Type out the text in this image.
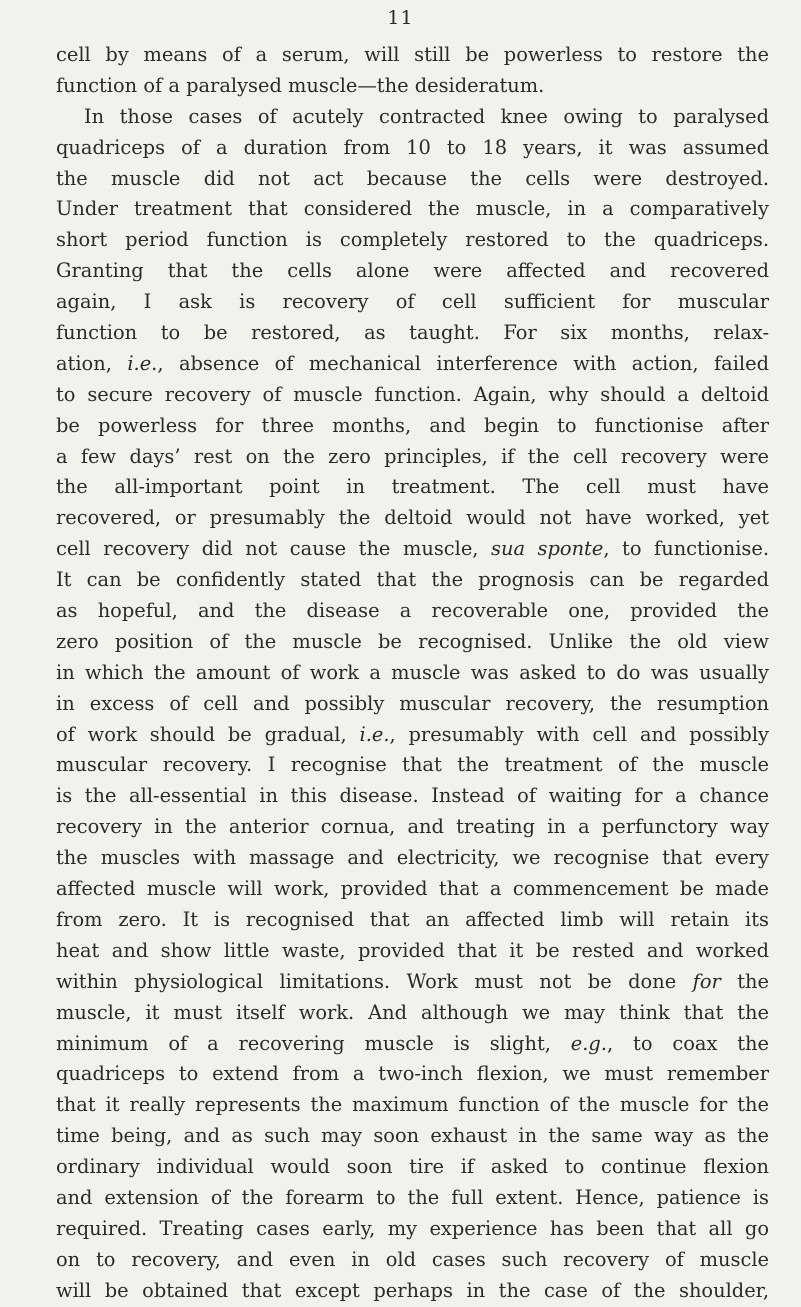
11
cell by means of a serum, will still be powerless to restore the
function of a paralysed muscle—the desideratum.
In those cases of acutely contracted knee owing to paralysed
quadriceps of a duration from 10 to 18 years, it was assumed
the muscle did not act because the cells were destroyed.
Under treatment that considered the muscle, in a comparatively
short period function is completely restored to the quadriceps.
Granting that the cells alone were affected and recovered
again, I ask is recovery of cell sufficient for muscular
function to be restored, as taught. For six months, relax-
ation, i.e., absence of mechanical interference with action, failed
to secure recovery of muscle function. Again, why should a deltoid
be powerless for three months, and begin to functionise after
a few days’ rest on the zero principles, if the cell recovery were
the all-important point in treatment. The cell must have
recovered, or presumably the deltoid would not have worked, yet
cell recovery did not cause the muscle, sua sponte, to functionise.
It can be confidently stated that the prognosis can be regarded
as hopeful, and the disease a recoverable one, provided the
zero position of the muscle be recognised. Unlike the old view
in which the amount of work a muscle was asked to do was usually
in excess of cell and possibly muscular recovery, the resumption
of work should be gradual, i.e., presumably with cell and possibly
muscular recovery. I recognise that the treatment of the muscle
is the all-essential in this disease. Instead of waiting for a chance
recovery in the anterior cornua, and treating in a perfunctory way
the muscles with massage and electricity, we recognise that every
affected muscle will work, provided that a commencement be made
from zero. It is recognised that an affected limb will retain its
heat and show little waste, provided that it be rested and worked
within physiological limitations. Work must not be done for the
muscle, it must itself work. And although we may think that the
minimum of a recovering muscle is slight, e.g., to coax the
quadriceps to extend from a two-inch flexion, we must remember
that it really represents the maximum function of the muscle for the
time being, and as such may soon exhaust in the same way as the
ordinary individual would soon tire if asked to continue flexion
and extension of the forearm to the full extent. Hence, patience is
required. Treating cases early, my experience has been that all go
on to recovery, and even in old cases such recovery of muscle
will be obtained that except perhaps in the case of the shoulder,
